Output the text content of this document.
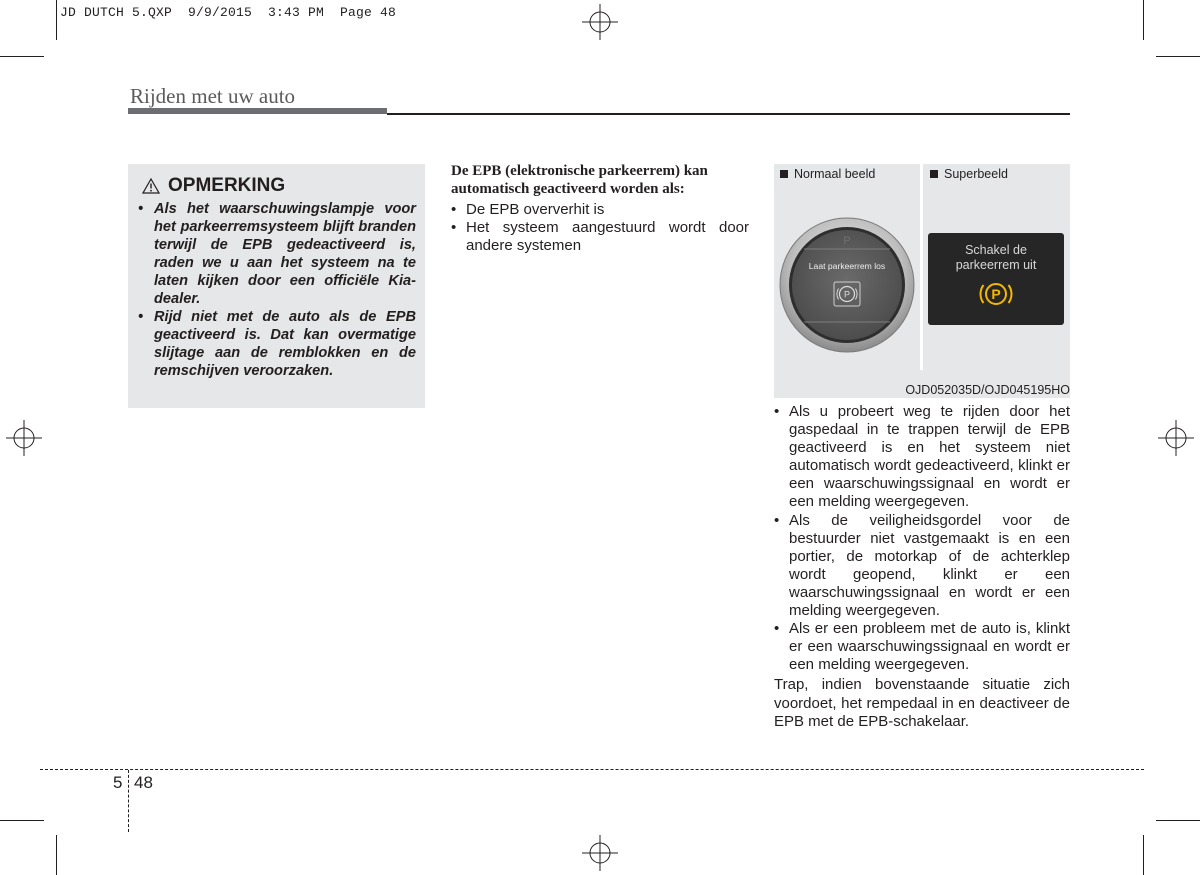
JD DUTCH 5.QXP  9/9/2015  3:43 PM  Page 48
Rijden met uw auto
OPMERKING
• Als het waarschuwingslampje voor het parkeerremsysteem blijft branden terwijl de EPB gedeactiveerd is, raden we u aan het systeem na te laten kijken door een officiële Kia-dealer.
• Rijd niet met de auto als de EPB geactiveerd is. Dat kan overmatige slijtage aan de remblokken en de remschijven veroorzaken.
De EPB (elektronische parkeerrem) kan automatisch geactiveerd worden als:
• De EPB oververhit is
• Het systeem aangestuurd wordt door andere systemen
Normaal beeld	Superbeeld
P
Laat parkeerrem los
P
Schakel de
parkeerrem uit
P
OJD052035D/OJD045195HO
• Als u probeert weg te rijden door het gaspedaal in te trappen terwijl de EPB geactiveerd is en het systeem niet automatisch wordt gedeactiveerd, klinkt er een waarschuwingssignaal en wordt er een melding weergegeven.
• Als de veiligheidsgordel voor de bestuurder niet vastgemaakt is en een portier, de motorkap of de achterklep wordt geopend, klinkt er een waarschuwingssignaal en wordt er een melding weergegeven.
• Als er een probleem met de auto is, klinkt er een waarschuwingssignaal en wordt er een melding weergegeven.
Trap, indien bovenstaande situatie zich voordoet, het rempedaal in en deactiveer de EPB met de EPB-schakelaar.
5 48
